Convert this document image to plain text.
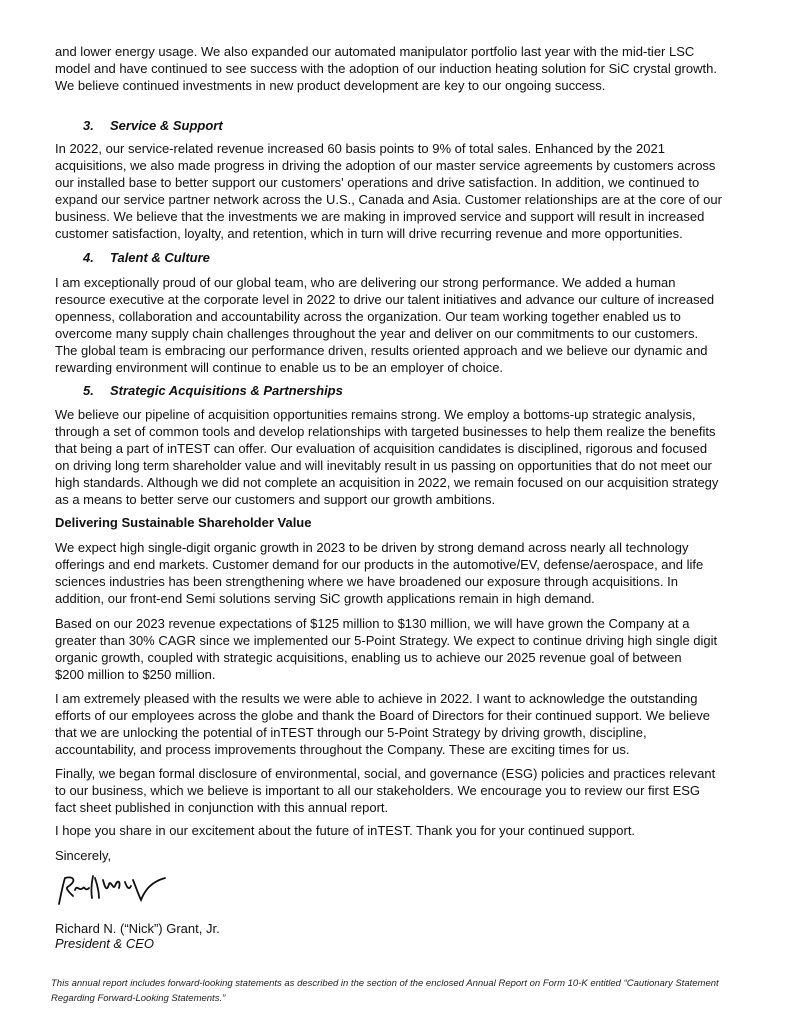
and lower energy usage. We also expanded our automated manipulator portfolio last year with the mid-tier LSC
model and have continued to see success with the adoption of our induction heating solution for SiC crystal growth.
We believe continued investments in new product development are key to our ongoing success.
3. Service & Support
In 2022, our service-related revenue increased 60 basis points to 9% of total sales. Enhanced by the 2021
acquisitions, we also made progress in driving the adoption of our master service agreements by customers across
our installed base to better support our customers' operations and drive satisfaction. In addition, we continued to
expand our service partner network across the U.S., Canada and Asia. Customer relationships are at the core of our
business. We believe that the investments we are making in improved service and support will result in increased
customer satisfaction, loyalty, and retention, which in turn will drive recurring revenue and more opportunities.
4. Talent & Culture
I am exceptionally proud of our global team, who are delivering our strong performance. We added a human
resource executive at the corporate level in 2022 to drive our talent initiatives and advance our culture of increased
openness, collaboration and accountability across the organization. Our team working together enabled us to
overcome many supply chain challenges throughout the year and deliver on our commitments to our customers.
The global team is embracing our performance driven, results oriented approach and we believe our dynamic and
rewarding environment will continue to enable us to be an employer of choice.
5. Strategic Acquisitions & Partnerships
We believe our pipeline of acquisition opportunities remains strong. We employ a bottoms-up strategic analysis,
through a set of common tools and develop relationships with targeted businesses to help them realize the benefits
that being a part of inTEST can offer. Our evaluation of acquisition candidates is disciplined, rigorous and focused
on driving long term shareholder value and will inevitably result in us passing on opportunities that do not meet our
high standards. Although we did not complete an acquisition in 2022, we remain focused on our acquisition strategy
as a means to better serve our customers and support our growth ambitions.
Delivering Sustainable Shareholder Value
We expect high single-digit organic growth in 2023 to be driven by strong demand across nearly all technology
offerings and end markets. Customer demand for our products in the automotive/EV, defense/aerospace, and life
sciences industries has been strengthening where we have broadened our exposure through acquisitions. In
addition, our front-end Semi solutions serving SiC growth applications remain in high demand.
Based on our 2023 revenue expectations of $125 million to $130 million, we will have grown the Company at a
greater than 30% CAGR since we implemented our 5-Point Strategy. We expect to continue driving high single digit
organic growth, coupled with strategic acquisitions, enabling us to achieve our 2025 revenue goal of between
$200 million to $250 million.
I am extremely pleased with the results we were able to achieve in 2022. I want to acknowledge the outstanding
efforts of our employees across the globe and thank the Board of Directors for their continued support. We believe
that we are unlocking the potential of inTEST through our 5-Point Strategy by driving growth, discipline,
accountability, and process improvements throughout the Company. These are exciting times for us.
Finally, we began formal disclosure of environmental, social, and governance (ESG) policies and practices relevant
to our business, which we believe is important to all our stakeholders. We encourage you to review our first ESG
fact sheet published in conjunction with this annual report.
I hope you share in our excitement about the future of inTEST. Thank you for your continued support.
Sincerely,
Richard N. (“Nick”) Grant, Jr.
President & CEO
This annual report includes forward-looking statements as described in the section of the enclosed Annual Report on Form 10-K entitled “Cautionary Statement
Regarding Forward-Looking Statements.”
